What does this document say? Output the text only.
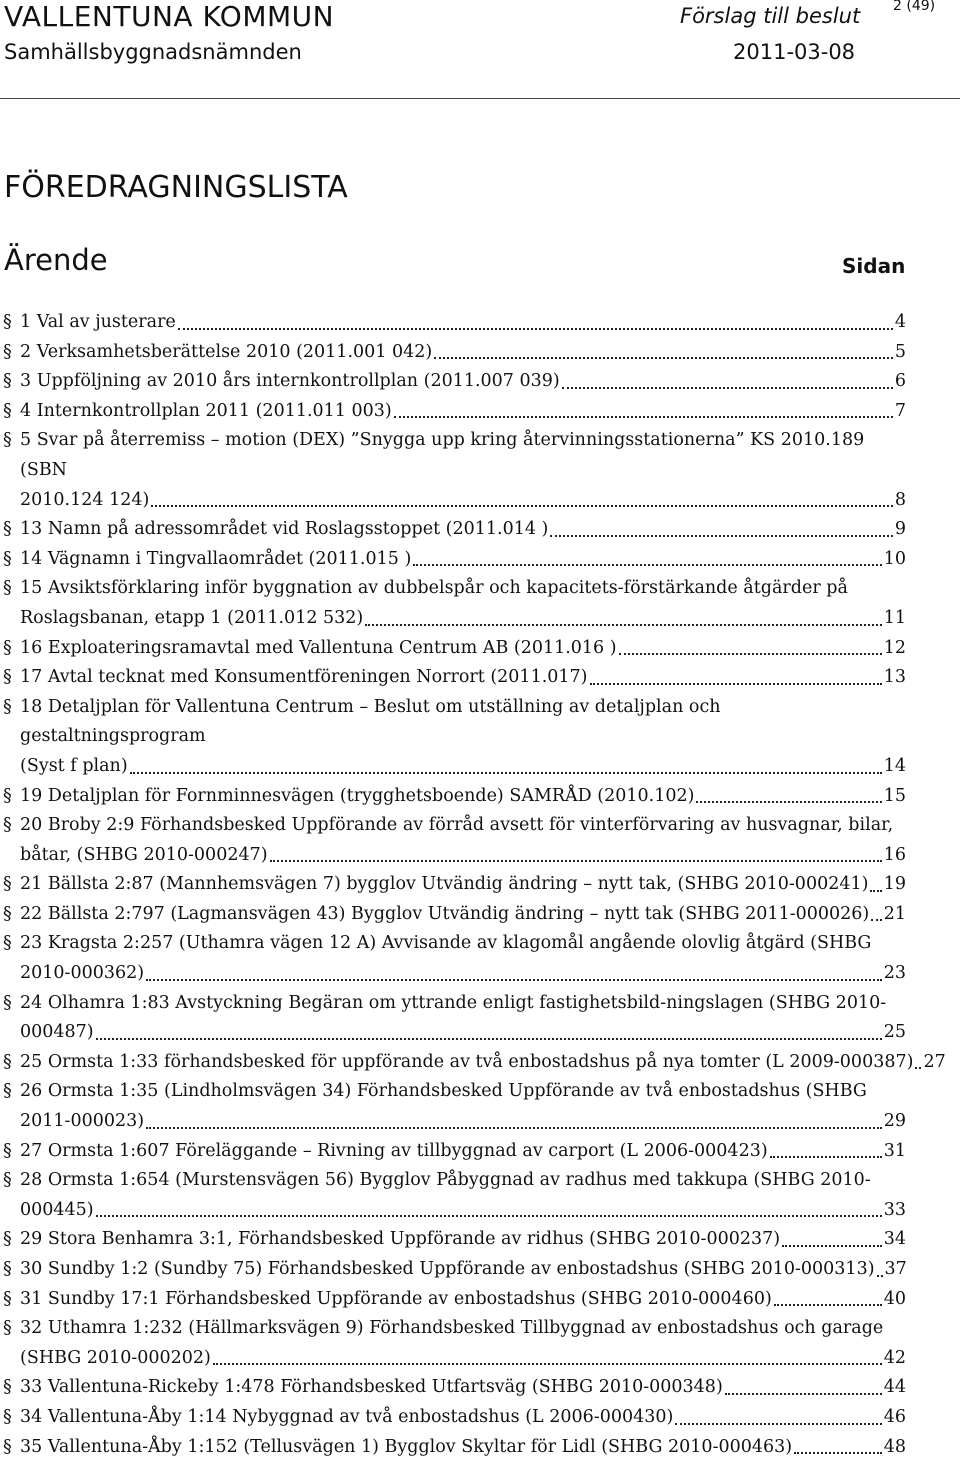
VALLENTUNA KOMMUN
Samhällsbyggnadsnämnden
Förslag till beslut
2011-03-08
2 (49)
FÖREDRAGNINGSLISTA
Ärende	Sidan
§ 1 Val av justerare	4
§ 2 Verksamhetsberättelse 2010 (2011.001 042)	5
§ 3 Uppföljning av 2010 års internkontrollplan (2011.007 039)	6
§ 4 Internkontrollplan 2011 (2011.011 003)	7
§ 5 Svar på återremiss – motion (DEX) ”Snygga upp kring återvinningsstationerna” KS 2010.189 (SBN
2010.124 124)	8
§ 13 Namn på adressområdet vid Roslagsstoppet (2011.014 )	9
§ 14 Vägnamn i Tingvallaområdet (2011.015 )	10
§ 15 Avsiktsförklaring inför byggnation av dubbelspår och kapacitets-förstärkande åtgärder på
Roslagsbanan, etapp 1 (2011.012 532)	11
§ 16 Exploateringsramavtal med Vallentuna Centrum AB (2011.016 )	12
§ 17 Avtal tecknat med Konsumentföreningen Norrort (2011.017)	13
§ 18 Detaljplan för Vallentuna Centrum – Beslut om utställning av detaljplan och gestaltningsprogram
(Syst f plan)	14
§ 19 Detaljplan för Fornminnesvägen (trygghetsboende) SAMRÅD (2010.102)	15
§ 20 Broby 2:9 Förhandsbesked Uppförande av förråd avsett för vinterförvaring av husvagnar, bilar,
båtar, (SHBG 2010-000247)	16
§ 21 Bällsta 2:87 (Mannhemsvägen 7) bygglov Utvändig ändring – nytt tak, (SHBG 2010-000241) 19
§ 22 Bällsta 2:797 (Lagmansvägen 43) Bygglov Utvändig ändring – nytt tak (SHBG 2011-000026) 21
§ 23 Kragsta 2:257 (Uthamra vägen 12 A) Avvisande av klagomål angående olovlig åtgärd (SHBG
2010-000362)	23
§ 24 Olhamra 1:83 Avstyckning Begäran om yttrande enligt fastighetsbild-ningslagen (SHBG 2010-
000487)	25
§ 25 Ormsta 1:33 förhandsbesked för uppförande av två enbostadshus på nya tomter (L 2009-000387) 27
§ 26 Ormsta 1:35 (Lindholmsvägen 34) Förhandsbesked Uppförande av två enbostadshus (SHBG
2011-000023)	29
§ 27 Ormsta 1:607 Föreläggande – Rivning av tillbyggnad av carport (L 2006-000423)	31
§ 28 Ormsta 1:654 (Murstensvägen 56) Bygglov Påbyggnad av radhus med takkupa (SHBG 2010-
000445)	33
§ 29 Stora Benhamra 3:1, Förhandsbesked Uppförande av ridhus (SHBG 2010-000237)	34
§ 30 Sundby 1:2 (Sundby 75) Förhandsbesked Uppförande av enbostadshus (SHBG 2010-000313) 37
§ 31 Sundby 17:1 Förhandsbesked Uppförande av enbostadshus (SHBG 2010-000460)	40
§ 32 Uthamra 1:232 (Hällmarksvägen 9) Förhandsbesked Tillbyggnad av enbostadshus och garage
(SHBG 2010-000202)	42
§ 33 Vallentuna-Rickeby 1:478 Förhandsbesked Utfartsväg (SHBG 2010-000348)	44
§ 34 Vallentuna-Åby 1:14 Nybyggnad av två enbostadshus (L 2006-000430)	46
§ 35 Vallentuna-Åby 1:152 (Tellusvägen 1) Bygglov Skyltar för Lidl (SHBG 2010-000463)	48
